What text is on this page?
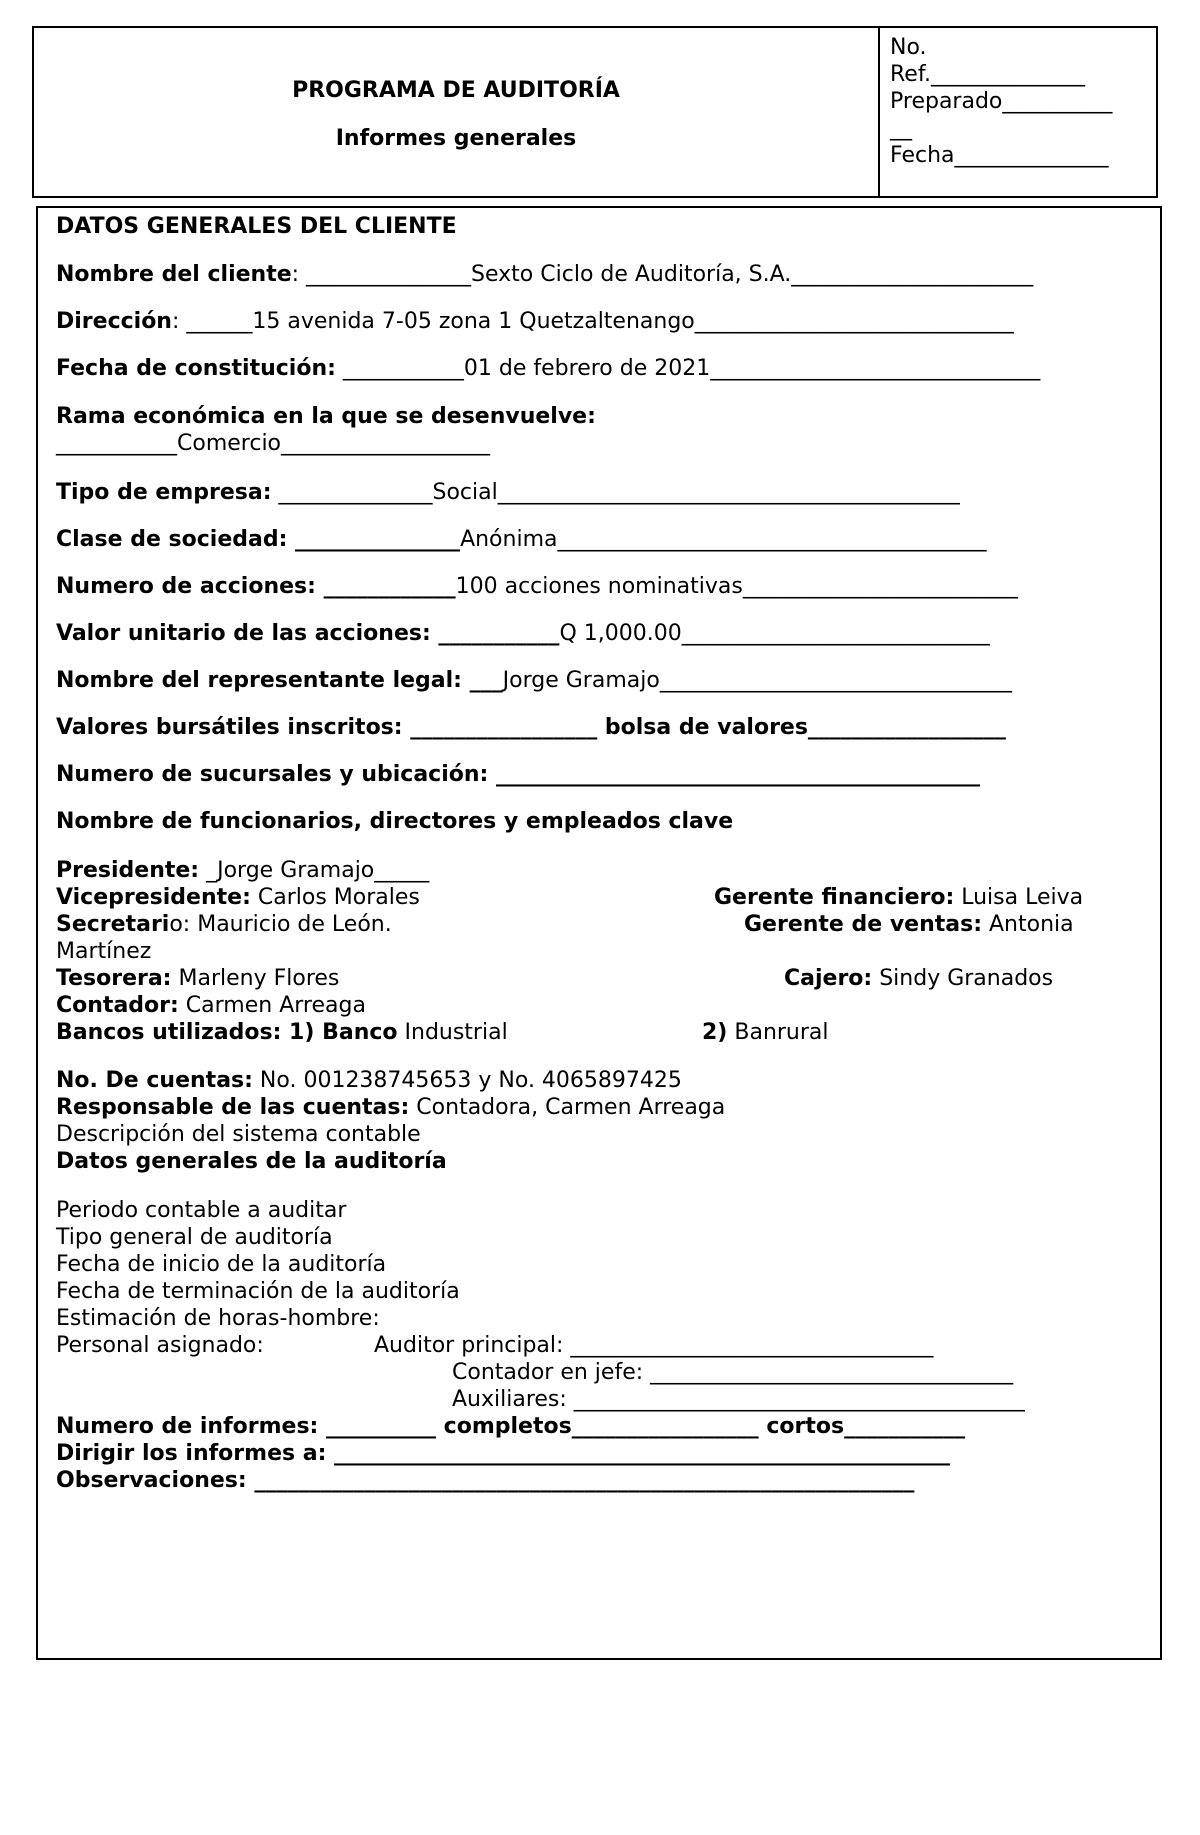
PROGRAMA DE AUDITORÍA
Informes generales
No.
Ref.______________
Preparado__________
__
Fecha______________
DATOS GENERALES DEL CLIENTE
Nombre del cliente: _______________Sexto Ciclo de Auditoría, S.A.______________________
Dirección: ______15 avenida 7-05 zona 1 Quetzaltenango_____________________________
Fecha de constitución: ___________01 de febrero de 2021______________________________
Rama económica en la que se desenvuelve:
___________Comercio___________________
Tipo de empresa: ______________Social__________________________________________
Clase de sociedad: _______________Anónima_______________________________________
Numero de acciones: ____________100 acciones nominativas_________________________
Valor unitario de las acciones: ___________Q 1,000.00____________________________
Nombre del representante legal: ___Jorge Gramajo________________________________
Valores bursátiles inscritos: _________________ bolsa de valores__________________
Numero de sucursales y ubicación: ____________________________________________
Nombre de funcionarios, directores y empleados clave
Presidente: _Jorge Gramajo_____
Vicepresidente: Carlos Morales	Gerente financiero: Luisa Leiva
Secretario: Mauricio de León.	Gerente de ventas: Antonia
Martínez
Tesorera: Marleny Flores	Cajero: Sindy Granados
Contador: Carmen Arreaga
Bancos utilizados: 1) Banco Industrial	2) Banrural
No. De cuentas: No. 001238745653 y No. 4065897425
Responsable de las cuentas: Contadora, Carmen Arreaga
Descripción del sistema contable
Datos generales de la auditoría
Periodo contable a auditar
Tipo general de auditoría
Fecha de inicio de la auditoría
Fecha de terminación de la auditoría
Estimación de horas-hombre:
Personal asignado:	Auditor principal: _________________________________
Contador en jefe: _________________________________
Auxiliares: _________________________________________
Numero de informes: __________ completos_________________ cortos___________
Dirigir los informes a: ________________________________________________________
Observaciones: ____________________________________________________________
